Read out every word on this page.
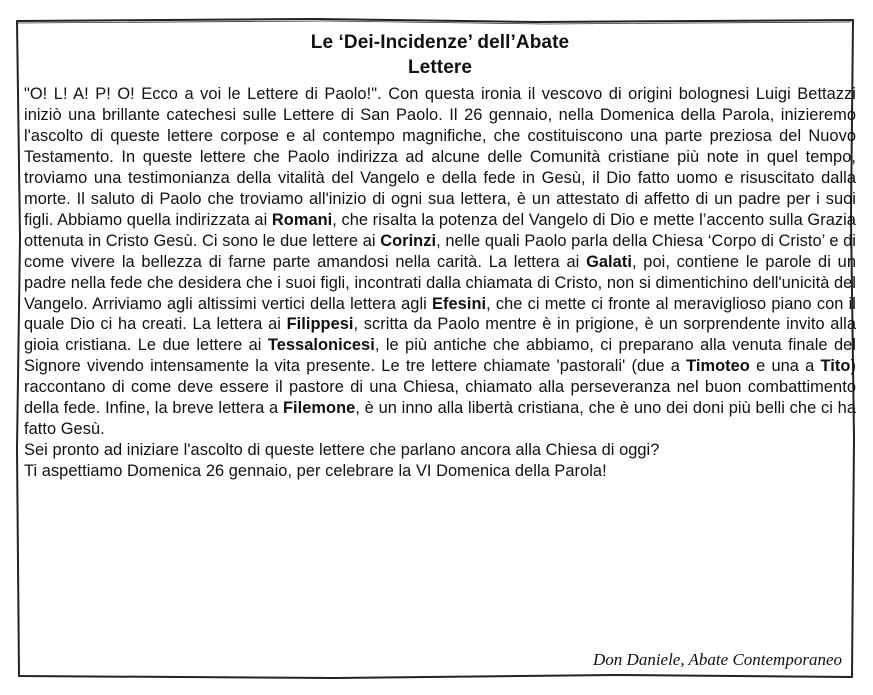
Le ‘Dei-Incidenze’ dell’Abate
Lettere

"O! L! A! P! O! Ecco a voi le Lettere di Paolo!". Con questa ironia il vescovo di origini bolognesi Luigi Bettazzi iniziò una brillante catechesi sulle Lettere di San Paolo. Il 26 gennaio, nella Domenica della Parola, inizieremo l'ascolto di queste lettere corpose e al contempo magnifiche, che costituiscono una parte preziosa del Nuovo Testamento. In queste lettere che Paolo indirizza ad alcune delle Comunità cristiane più note in quel tempo, troviamo una testimonianza della vitalità del Vangelo e della fede in Gesù, il Dio fatto uomo e risuscitato dalla morte. Il saluto di Paolo che troviamo all'inizio di ogni sua lettera, è un attestato di affetto di un padre per i suoi figli. Abbiamo quella indirizzata ai Romani, che risalta la potenza del Vangelo di Dio e mette l’accento sulla Grazia ottenuta in Cristo Gesù. Ci sono le due lettere ai Corinzi, nelle quali Paolo parla della Chiesa ‘Corpo di Cristo’ e di come vivere la bellezza di farne parte amandosi nella carità. La lettera ai Galati, poi, contiene le parole di un padre nella fede che desidera che i suoi figli, incontrati dalla chiamata di Cristo, non si dimentichino dell'unicità del Vangelo. Arriviamo agli altissimi vertici della lettera agli Efesini, che ci mette ci fronte al meraviglioso piano con il quale Dio ci ha creati. La lettera ai Filippesi, scritta da Paolo mentre è in prigione, è un sorprendente invito alla gioia cristiana. Le due lettere ai Tessalonicesi, le più antiche che abbiamo, ci preparano alla venuta finale del Signore vivendo intensamente la vita presente. Le tre lettere chiamate 'pastorali' (due a Timoteo e una a Tito) raccontano di come deve essere il pastore di una Chiesa, chiamato alla perseveranza nel buon combattimento della fede. Infine, la breve lettera a Filemone, è un inno alla libertà cristiana, che è uno dei doni più belli che ci ha fatto Gesù.

Sei pronto ad iniziare l'ascolto di queste lettere che parlano ancora alla Chiesa di oggi?

Ti aspettiamo Domenica 26 gennaio, per celebrare la VI Domenica della Parola!

Don Daniele, Abate Contemporaneo
